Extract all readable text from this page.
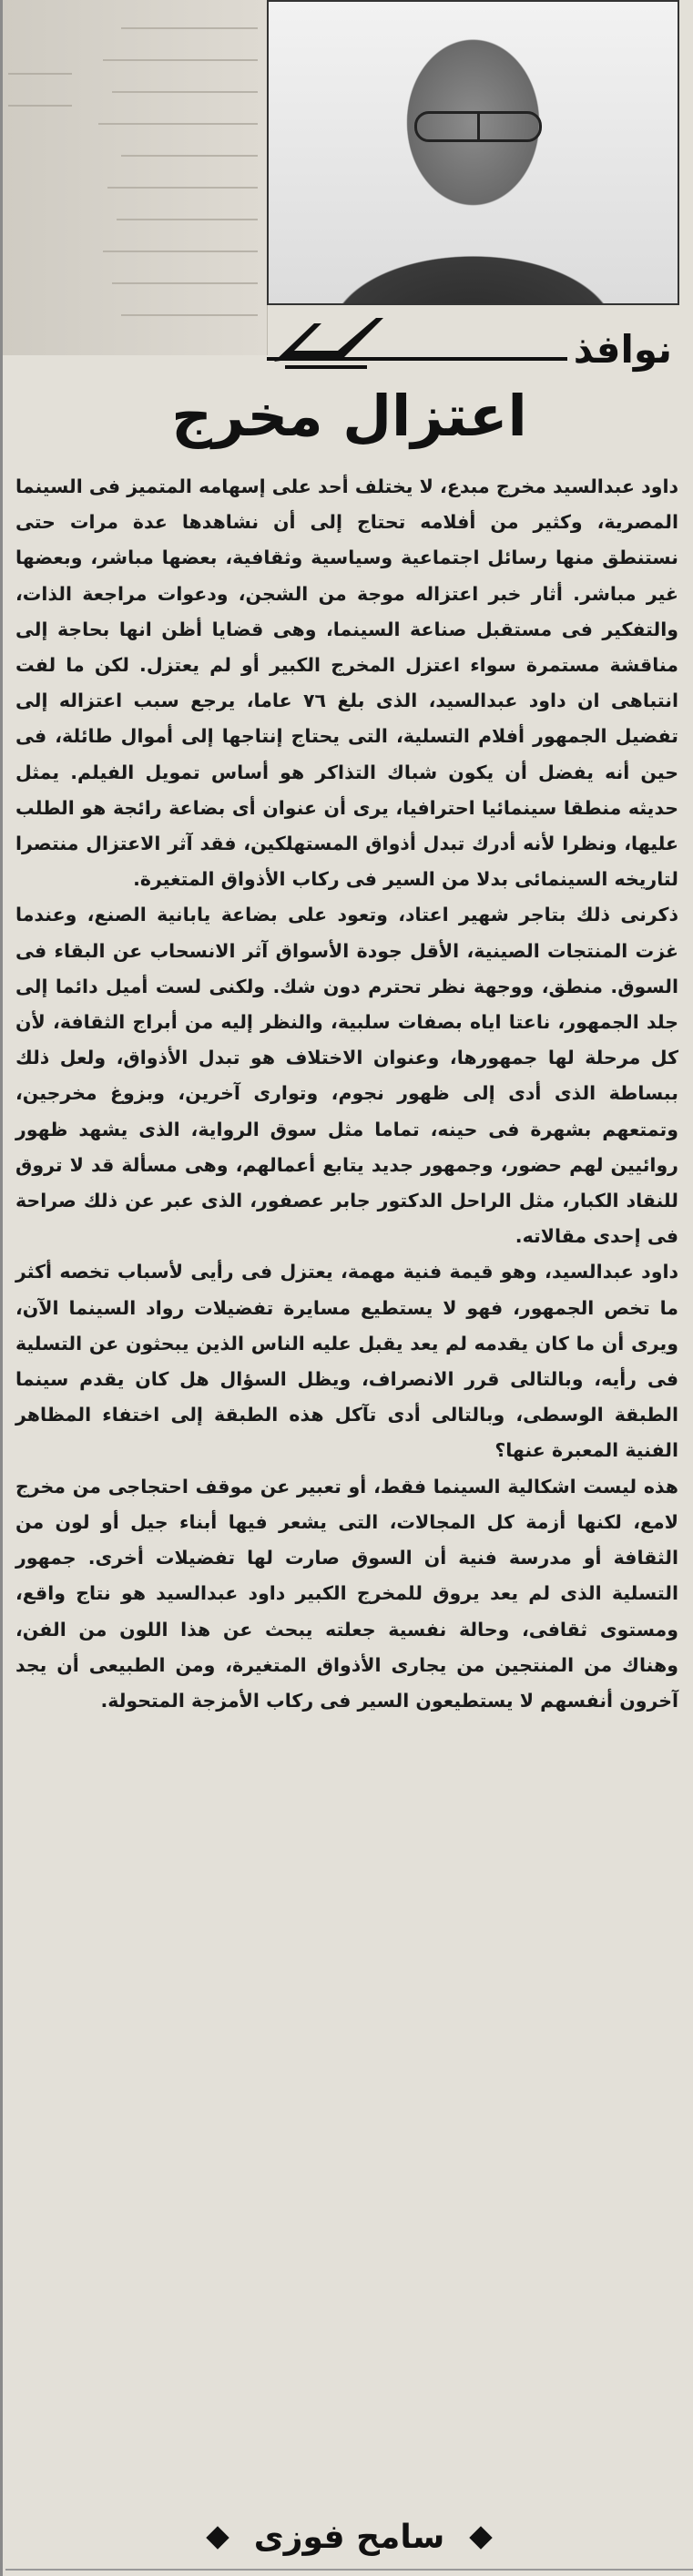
نوافذ
اعتزال مخرج

داود عبدالسيد مخرج مبدع، لا يختلف أحد على إسهامه المتميز فى السينما المصرية، وكثير من أفلامه تحتاج إلى أن نشاهدها عدة مرات حتى نستنطق منها رسائل اجتماعية وسياسية وثقافية، بعضها مباشر، وبعضها غير مباشر. أثار خبر اعتزاله موجة من الشجن، ودعوات مراجعة الذات، والتفكير فى مستقبل صناعة السينما، وهى قضايا أظن انها بحاجة إلى مناقشة مستمرة سواء اعتزل المخرج الكبير أو لم يعتزل. لكن ما لفت انتباهى ان داود عبدالسيد، الذى بلغ ٧٦ عاما، يرجع سبب اعتزاله إلى تفضيل الجمهور أفلام التسلية، التى يحتاج إنتاجها إلى أموال طائلة، فى حين أنه يفضل أن يكون شباك التذاكر هو أساس تمويل الفيلم. يمثل حديثه منطقا سينمائيا احترافيا، يرى أن عنوان أى بضاعة رائجة هو الطلب عليها، ونظرا لأنه أدرك تبدل أذواق المستهلكين، فقد آثر الاعتزال منتصرا لتاريخه السينمائى بدلا من السير فى ركاب الأذواق المتغيرة.

ذكرنى ذلك بتاجر شهير اعتاد، وتعود على بضاعة يابانية الصنع، وعندما غزت المنتجات الصينية، الأقل جودة الأسواق آثر الانسحاب عن البقاء فى السوق. منطق، ووجهة نظر تحترم دون شك. ولكنى لست أميل دائما إلى جلد الجمهور، ناعتا اياه بصفات سلبية، والنظر إليه من أبراج الثقافة، لأن كل مرحلة لها جمهورها، وعنوان الاختلاف هو تبدل الأذواق، ولعل ذلك ببساطة الذى أدى إلى ظهور نجوم، وتوارى آخرين، وبزوغ مخرجين، وتمتعهم بشهرة فى حينه، تماما مثل سوق الرواية، الذى يشهد ظهور روائيين لهم حضور، وجمهور جديد يتابع أعمالهم، وهى مسألة قد لا تروق للنقاد الكبار، مثل الراحل الدكتور جابر عصفور، الذى عبر عن ذلك صراحة فى إحدى مقالاته.

داود عبدالسيد، وهو قيمة فنية مهمة، يعتزل فى رأيى لأسباب تخصه أكثر ما تخص الجمهور، فهو لا يستطيع مسايرة تفضيلات رواد السينما الآن، ويرى أن ما كان يقدمه لم يعد يقبل عليه الناس الذين يبحثون عن التسلية فى رأيه، وبالتالى قرر الانصراف، ويظل السؤال هل كان يقدم سينما الطبقة الوسطى، وبالتالى أدى تآكل هذه الطبقة إلى اختفاء المظاهر الفنية المعبرة عنها؟

هذه ليست اشكالية السينما فقط، أو تعبير عن موقف احتجاجى من مخرج لامع، لكنها أزمة كل المجالات، التى يشعر فيها أبناء جيل أو لون من الثقافة أو مدرسة فنية أن السوق صارت لها تفضيلات أخرى. جمهور التسلية الذى لم يعد يروق للمخرج الكبير داود عبدالسيد هو نتاج واقع، ومستوى ثقافى، وحالة نفسية جعلته يبحث عن هذا اللون من الفن، وهناك من المنتجين من يجارى الأذواق المتغيرة، ومن الطبيعى أن يجد آخرون أنفسهم لا يستطيعون السير فى ركاب الأمزجة المتحولة.

سامح فوزى
